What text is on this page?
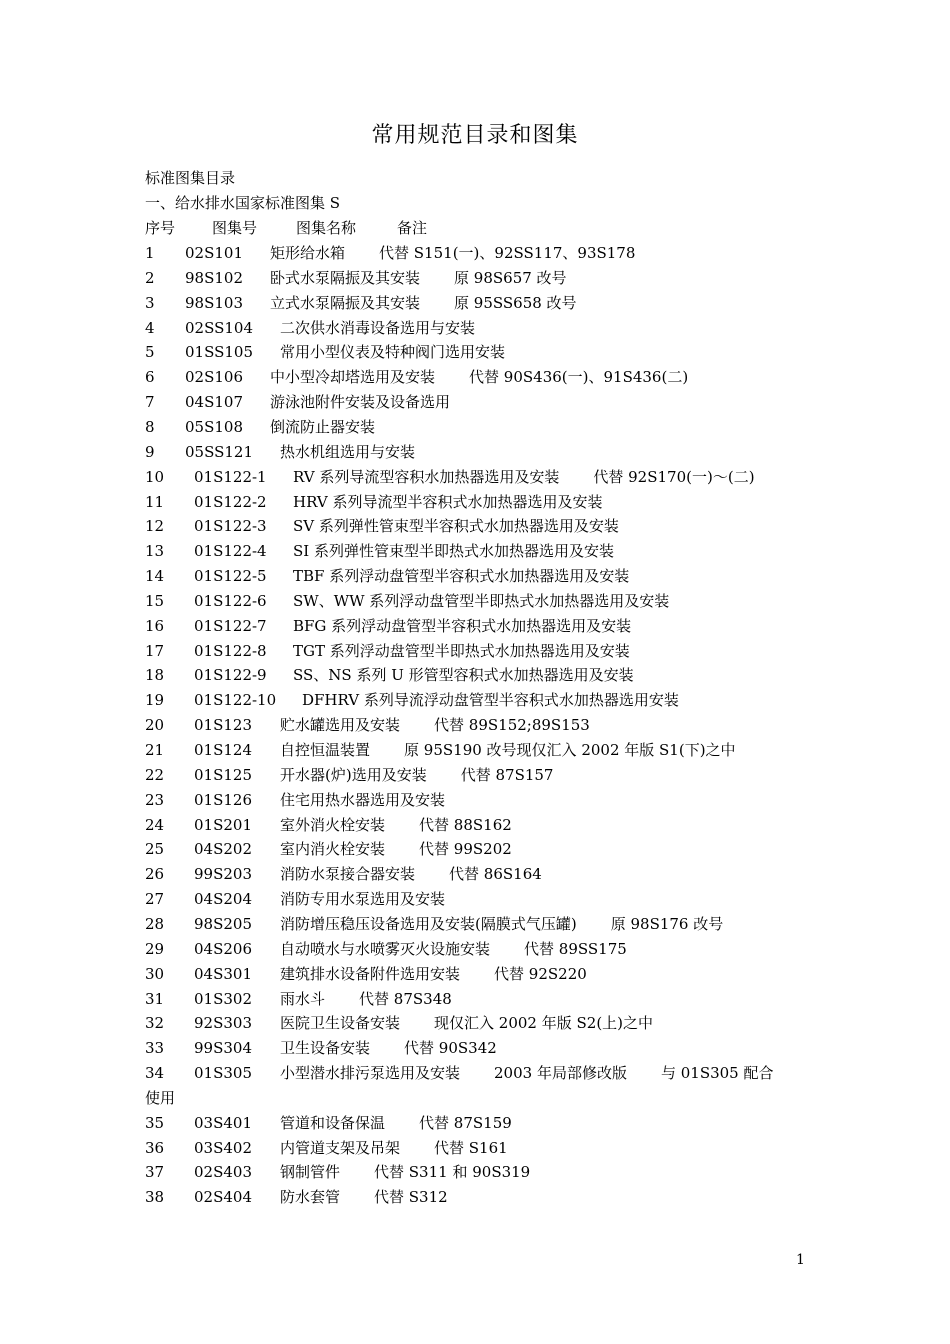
常用规范目录和图集
标准图集目录
一、给水排水国家标准图集 S
序号 图集号	图集名称	备注
1 02S101 矩形给水箱 代替 S151(一)、92SS117、93S178
2 98S102 卧式水泵隔振及其安装 原 98S657 改号
3 98S103 立式水泵隔振及其安装 原 95SS658 改号
4 02SS104 二次供水消毒设备选用与安装
5 01SS105 常用小型仪表及特种阀门选用安装
6 02S106 中小型冷却塔选用及安装 代替 90S436(一)、91S436(二)
7 04S107 游泳池附件安装及设备选用
8 05S108 倒流防止器安装
9 05SS121 热水机组选用与安装
10 01S122-1 RV 系列导流型容积水加热器选用及安装 代替 92S170(一)～(二)
11 01S122-2 HRV 系列导流型半容积式水加热器选用及安装
12 01S122-3 SV 系列弹性管束型半容积式水加热器选用及安装
13 01S122-4 SI 系列弹性管束型半即热式水加热器选用及安装
14 01S122-5 TBF 系列浮动盘管型半容积式水加热器选用及安装
15 01S122-6 SW、WW 系列浮动盘管型半即热式水加热器选用及安装
16 01S122-7 BFG 系列浮动盘管型半容积式水加热器选用及安装
17 01S122-8 TGT 系列浮动盘管型半即热式水加热器选用及安装
18 01S122-9 SS、NS 系列 U 形管型容积式水加热器选用及安装
19 01S122-10 DFHRV 系列导流浮动盘管型半容积式水加热器选用安装
20 01S123 贮水罐选用及安装 代替 89S152;89S153
21 01S124 自控恒温装置 原 95S190 改号现仅汇入 2002 年版 S1(下)之中
22 01S125 开水器(炉)选用及安装 代替 87S157
23 01S126 住宅用热水器选用及安装
24 01S201 室外消火栓安装 代替 88S162
25 04S202 室内消火栓安装 代替 99S202
26 99S203 消防水泵接合器安装 代替 86S164
27 04S204 消防专用水泵选用及安装
28 98S205 消防增压稳压设备选用及安装(隔膜式气压罐) 原 98S176 改号
29 04S206 自动喷水与水喷雾灭火设施安装 代替 89SS175
30 04S301 建筑排水设备附件选用安装 代替 92S220
31 01S302 雨水斗 代替 87S348
32 92S303 医院卫生设备安装 现仅汇入 2002 年版 S2(上)之中
33 99S304 卫生设备安装 代替 90S342
34 01S305 小型潜水排污泵选用及安装 2003 年局部修改版 与 01S305 配合
使用
35 03S401 管道和设备保温 代替 87S159
36 03S402 内管道支架及吊架 代替 S161
37 02S403 钢制管件 代替 S311 和 90S319
38 02S404 防水套管 代替 S312
1
